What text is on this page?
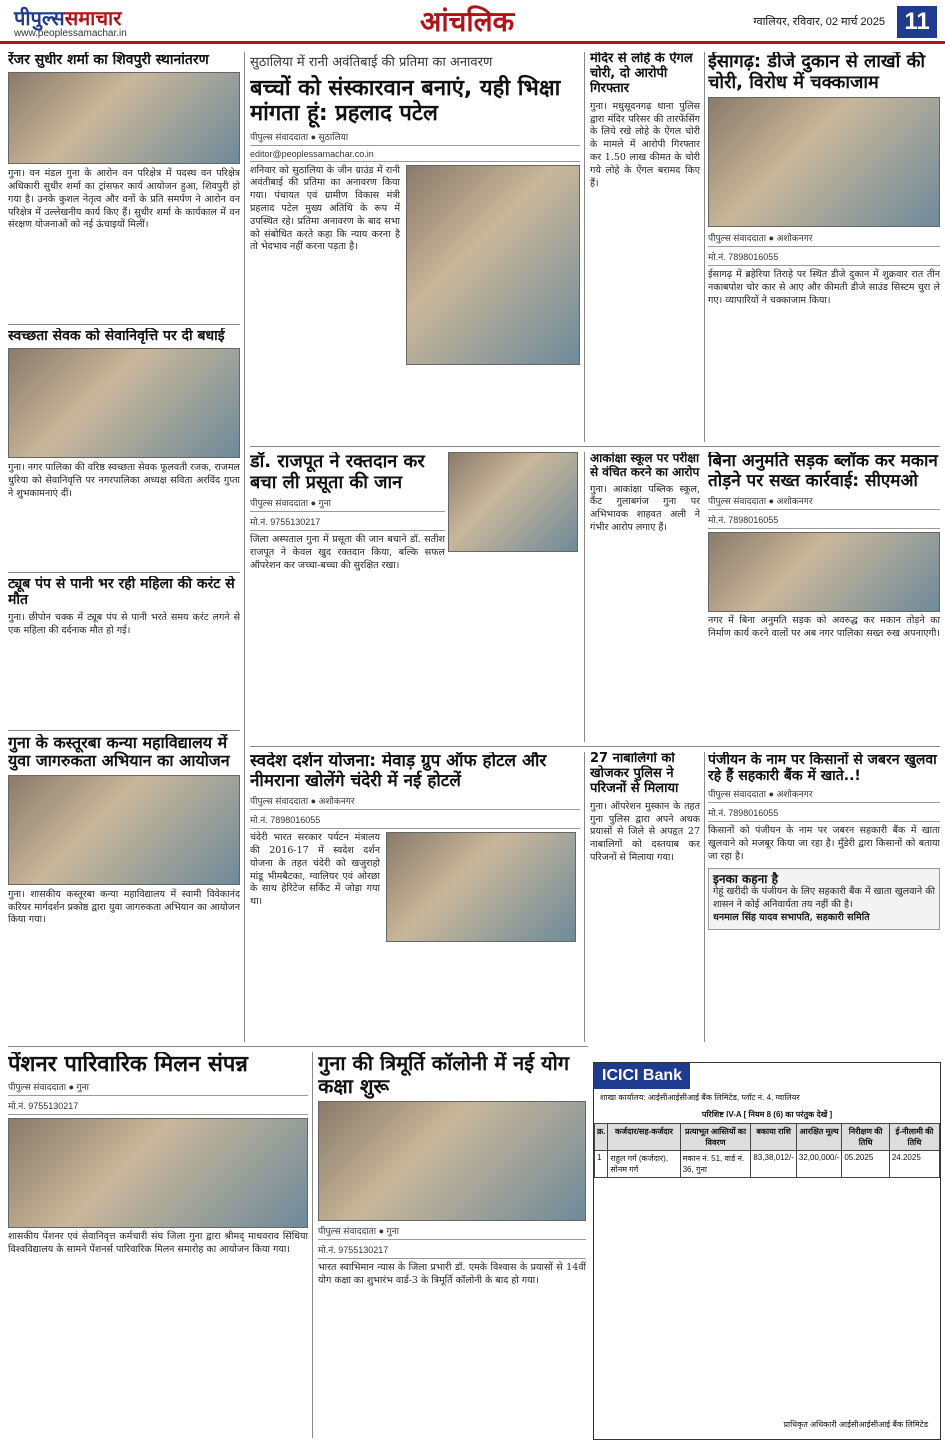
पीपुल्ससमाचार
www.peoplessamachar.in	आंचलिक	ग्वालियर, रविवार, 02 मार्च 2025 11
रेंजर सुधीर शर्मा का शिवपुरी स्थानांतरण
गुना। वन मंडल गुना के आरोन वन परिक्षेत्र में पदस्थ वन परिक्षेत्र अधिकारी सुधीर शर्मा का ट्रांसफर कार्य आयोजन हुआ, शिवपुरी हो गया है। उनके कुशल नेतृत्व और वनों के प्रति समर्पण ने आरोन वन परिक्षेत्र में उल्लेखनीय कार्य किए हैं। सुधीर शर्मा के कार्यकाल में वन संरक्षण योजनाओं को नई ऊंचाइयों मिलीं।
स्वच्छता सेवक को सेवानिवृत्ति पर दी बधाई
गुना। नगर पालिका की वरिष्ठ स्वच्छता सेवक फूलवती रजक, राजमल धुरिया को सेवानिवृत्ति पर नगरपालिका अध्यक्ष सविता अरविंद गुप्ता ने शुभकामनाएं दीं।
ट्यूब पंप से पानी भर रही महिला की करंट से मौत
गुना। छीपोन चक्क में ट्यूब पंप से पानी भरते समय करंट लगने से एक महिला की दर्दनाक मौत हो गई।
गुना के कस्तूरबा कन्या महाविद्यालय में युवा जागरुकता अभियान का आयोजन
गुना। शासकीय कस्तूरबा कन्या महाविद्यालय में स्वामी विवेकानंद करियर मार्गदर्शन प्रकोष्ठ द्वारा युवा जागरुकता अभियान का आयोजन किया गया।
सुठालिया में रानी अवंतिबाई की प्रतिमा का अनावरण
बच्चों को संस्कारवान बनाएं, यही भिक्षा मांगता हूं: प्रहलाद पटेल
पीपुल्स संवाददाता ● सुठालिया
editor@peoplessamachar.co.in
शनिवार को सुठालिया के जीन ग्राउंड में रानी अवंतीबाई की प्रतिमा का अनावरण किया गया। पंचायत एवं ग्रामीण विकास मंत्री प्रहलाद पटेल मुख्य अतिथि के रूप में उपस्थित रहे। प्रतिमा अनावरण के बाद सभा को संबोधित करते कहा कि न्याय करना है तो भेदभाव नहीं करना पड़ता है।
मंदिर से लोहे के ऐंगल चोरी, दो आरोपी गिरफ्तार
गुना। मधुसूदनगढ़ थाना पुलिस द्वारा मंदिर परिसर की तारफेंसिंग के लिये रखे लोहे के ऐंगल चोरी के मामले में आरोपी गिरफ्तार कर 1.50 लाख कीमत के चोरी गये लोहे के ऐंगल बरामद किए हैं।
ईसागढ़: डीजे दुकान से लाखों की चोरी, विरोध में चक्काजाम
पीपुल्स संवाददाता ● अशोकनगर
मो.नं. 7898016055
ईसागढ़ में ब्रहेरिया तिराहे पर स्थित डीजे दुकान में शुक्रवार रात तीन नकाबपोश चोर कार से आए और कीमती डीजे साउंड सिस्टम चुरा ले गए। व्यापारियों ने चक्काजाम किया।
डॉ. राजपूत ने रक्तदान कर बचा ली प्रसूता की जान
पीपुल्स संवाददाता ● गुना
मो.नं. 9755130217
जिला अस्पताल गुना में प्रसूता की जान बचाने डॉ. सतीश राजपूत ने केवल खुद रक्तदान किया, बल्कि सफल ऑपरेशन कर जच्चा-बच्चा की सुरक्षित रखा।
आकांक्षा स्कूल पर परीक्षा से वंचित करने का आरोप
गुना। आकांक्षा पब्लिक स्कूल, कैंट गुलाबगंज गुना पर अभिभावक शाहवत अली ने गंभीर आरोप लगाए हैं।
बिना अनुमति सड़क ब्लॉक कर मकान तोड़ने पर सख्त कार्रवाई: सीएमओ
पीपुल्स संवाददाता ● अशोकनगर
मो.नं. 7898016055
नगर में बिना अनुमति सड़क को अवरुद्ध कर मकान तोड़ने का निर्माण कार्य करने वालों पर अब नगर पालिका सख्त रुख अपनाएगी।
स्वदेश दर्शन योजना: मेवाड़ ग्रुप ऑफ होटल और नीमराना खोलेंगे चंदेरी में नई होटलें
पीपुल्स संवाददाता ● अशोकनगर
मो.नं. 7898016055
चंदेरी भारत सरकार पर्यटन मंत्रालय की 2016-17 में स्वदेश दर्शन योजना के तहत चंदेरी को खजुराहो मांडू भीमबैटका, ग्वालियर एवं ओरछा के साथ हेरिटेज सर्किट में जोड़ा गया था।
27 नाबालिगों को खोजकर पुलिस ने परिजनों से मिलाया
गुना। ऑपरेशन मुस्कान के तहत गुना पुलिस द्वारा अपने अथक प्रयासों से जिले से अपहृत 27 नाबालिगों को दस्तयाब कर परिजनों से मिलाया गया।
पंजीयन के नाम पर किसानों से जबरन खुलवा रहे हैं सहकारी बैंक में खाते..!
पीपुल्स संवाददाता ● अशोकनगर
मो.नं. 7898016055
किसानों को पंजीयन के नाम पर जबरन सहकारी बैंक में खाता खुलवाने को मजबूर किया जा रहा है। मुँडेरी द्वारा किसानों को बताया जा रहा है।
इनका कहना है
गेहूं खरीदी के पंजीयन के लिए सहकारी बैंक में खाता खुलवाने की शासन ने कोई अनिवार्यता तय नहीं की है।
धनमाल सिंह यादव सभापति, सहकारी समिति
पेंशनर पारिवारिक मिलन संपन्न
पीपुल्स संवाददाता ● गुना
मो.नं. 9755130217
शासकीय पेंशनर एवं सेवानिवृत्त कर्मचारी संघ जिला गुना द्वारा श्रीमद् माधवराव सिंधिया विश्वविद्यालय के सामने पेंशनर्स पारिवारिक मिलन समारोह का आयोजन किया गया।
गुना की त्रिमूर्ति कॉलोनी में नई योग कक्षा शुरू
पीपुल्स संवाददाता ● गुना
मो.नं. 9755130217
भारत स्वाभिमान न्यास के जिला प्रभारी डॉ. एमके विश्वास के प्रयासों से 14वीं योग कक्षा का शुभारंभ वार्ड-3 के त्रिमूर्ति कॉलोनी के बाद हो गया।
ICICI Bank
शाखा कार्यालय: आईसीआईसीआई बैंक लिमिटेड, प्लॉट नं. 4, ग्वालियर
परिशिष्ट IV-A [ नियम 8 (6) का परंतुक देखें ]
क्र.	कर्जदार/सह-कर्जदार	प्रत्याभूत आस्तियों का विवरण	बकाया राशि	आरक्षित मूल्य	निरीक्षण की तिथि	ई-नीलामी की तिथि
1	राहुल गर्ग (कर्जदार), सोनम गर्ग	मकान नं. 51, वार्ड नं. 36, गुना	83,38,012/-	32,00,000/-	05.2025	24.2025
प्राधिकृत अधिकारी आईसीआईसीआई बैंक लिमिटेड
